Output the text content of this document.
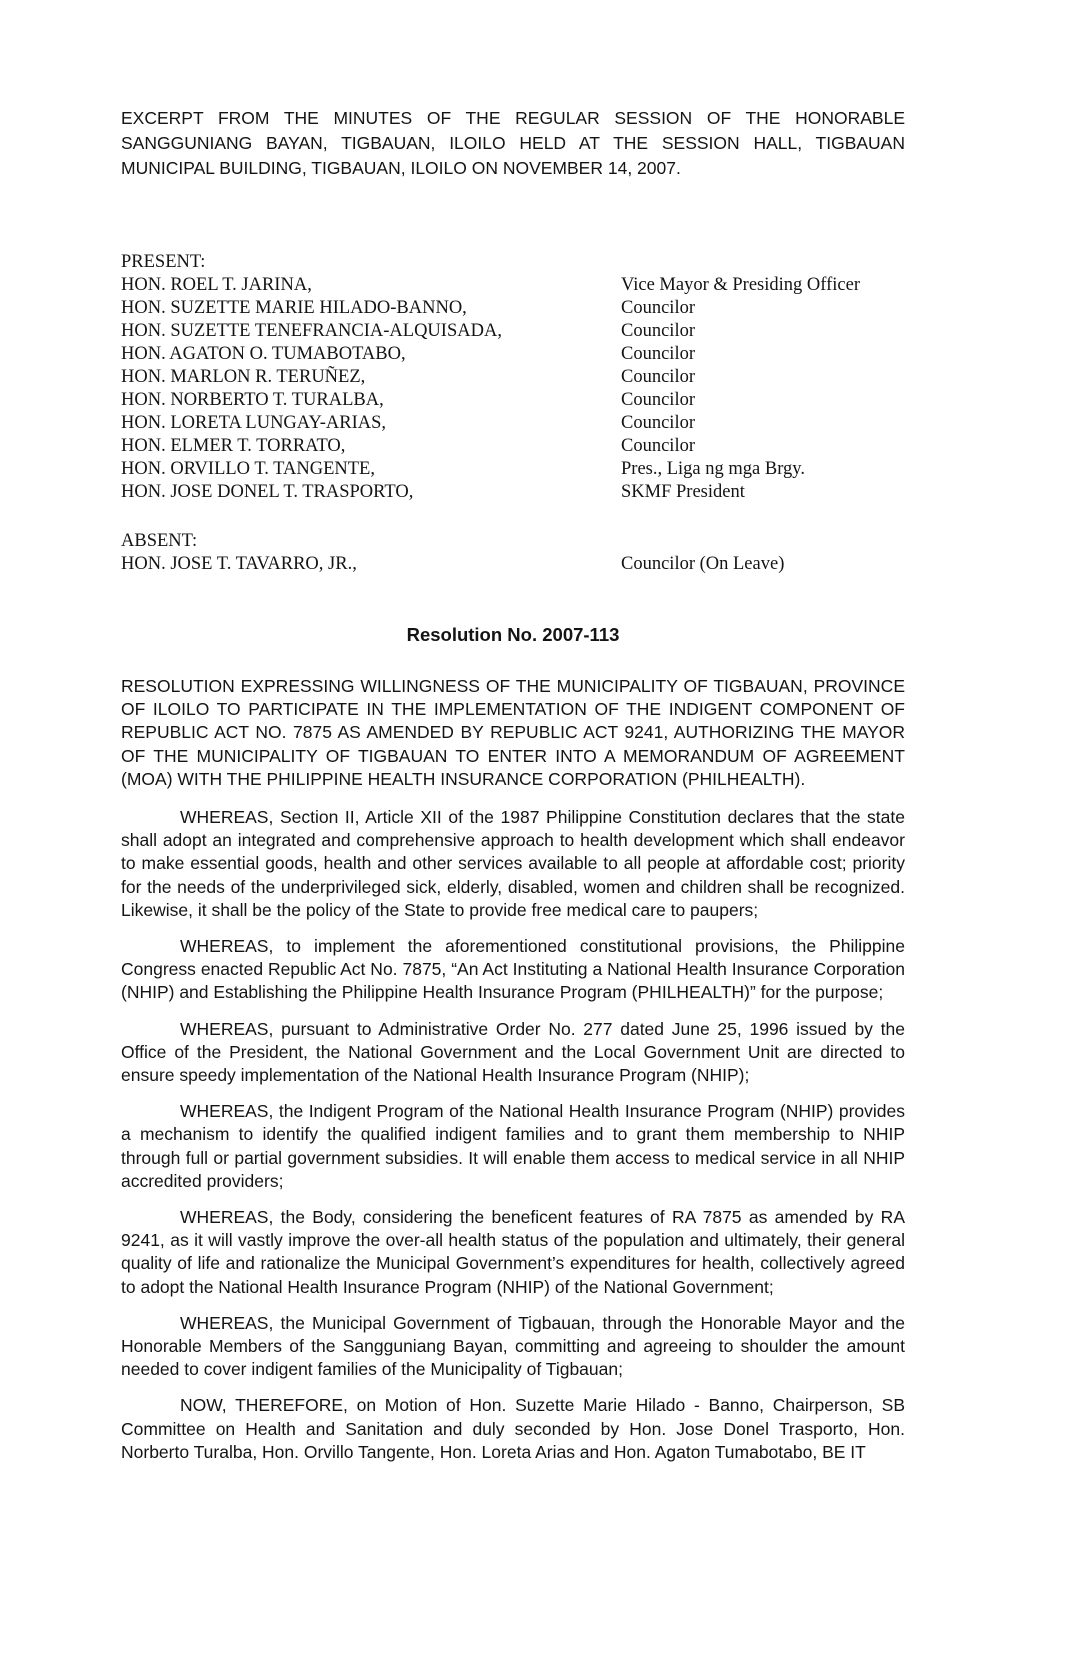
EXCERPT FROM THE MINUTES OF THE REGULAR SESSION OF THE HONORABLE SANGGUNIANG BAYAN, TIGBAUAN, ILOILO HELD AT THE SESSION HALL, TIGBAUAN MUNICIPAL BUILDING, TIGBAUAN, ILOILO ON NOVEMBER 14, 2007.

PRESENT:

HON. ROEL T. JARINA,	Vice Mayor & Presiding Officer
HON. SUZETTE MARIE HILADO-BANNO,	Councilor
HON. SUZETTE TENEFRANCIA-ALQUISADA,	Councilor
HON. AGATON O. TUMABOTABO,	Councilor
HON. MARLON R. TERUÑEZ,	Councilor
HON. NORBERTO T. TURALBA,	Councilor
HON. LORETA LUNGAY-ARIAS,	Councilor
HON. ELMER T. TORRATO,	Councilor
HON. ORVILLO T. TANGENTE,	Pres., Liga ng mga Brgy.
HON. JOSE DONEL T. TRASPORTO,	SKMF President

ABSENT:

HON. JOSE T. TAVARRO, JR.,	Councilor (On Leave)

Resolution No. 2007-113

RESOLUTION EXPRESSING WILLINGNESS OF THE MUNICIPALITY OF TIGBAUAN, PROVINCE OF ILOILO TO PARTICIPATE IN THE IMPLEMENTATION OF THE INDIGENT COMPONENT OF REPUBLIC ACT NO. 7875 AS AMENDED BY REPUBLIC ACT 9241, AUTHORIZING THE MAYOR OF THE MUNICIPALITY OF TIGBAUAN TO ENTER INTO A MEMORANDUM OF AGREEMENT (MOA) WITH THE PHILIPPINE HEALTH INSURANCE CORPORATION (PHILHEALTH).

WHEREAS, Section II, Article XII of the 1987 Philippine Constitution declares that the state shall adopt an integrated and comprehensive approach to health development which shall endeavor to make essential goods, health and other services available to all people at affordable cost; priority for the needs of the underprivileged sick, elderly, disabled, women and children shall be recognized. Likewise, it shall be the policy of the State to provide free medical care to paupers;

WHEREAS, to implement the aforementioned constitutional provisions, the Philippine Congress enacted Republic Act No. 7875, “An Act Instituting a National Health Insurance Corporation (NHIP) and Establishing the Philippine Health Insurance Program (PHILHEALTH)” for the purpose;

WHEREAS, pursuant to Administrative Order No. 277 dated June 25, 1996 issued by the Office of the President, the National Government and the Local Government Unit are directed to ensure speedy implementation of the National Health Insurance Program (NHIP);

WHEREAS, the Indigent Program of the National Health Insurance Program (NHIP) provides a mechanism to identify the qualified indigent families and to grant them membership to NHIP through full or partial government subsidies. It will enable them access to medical service in all NHIP accredited providers;

WHEREAS, the Body, considering the beneficent features of RA 7875 as amended by RA 9241, as it will vastly improve the over-all health status of the population and ultimately, their general quality of life and rationalize the Municipal Government’s expenditures for health, collectively agreed to adopt the National Health Insurance Program (NHIP) of the National Government;

WHEREAS, the Municipal Government of Tigbauan, through the Honorable Mayor and the Honorable Members of the Sangguniang Bayan, committing and agreeing to shoulder the amount needed to cover indigent families of the Municipality of Tigbauan;

NOW, THEREFORE, on Motion of Hon. Suzette Marie Hilado - Banno, Chairperson, SB Committee on Health and Sanitation and duly seconded by Hon. Jose Donel Trasporto, Hon. Norberto Turalba, Hon. Orvillo Tangente, Hon. Loreta Arias and Hon. Agaton Tumabotabo, BE IT
